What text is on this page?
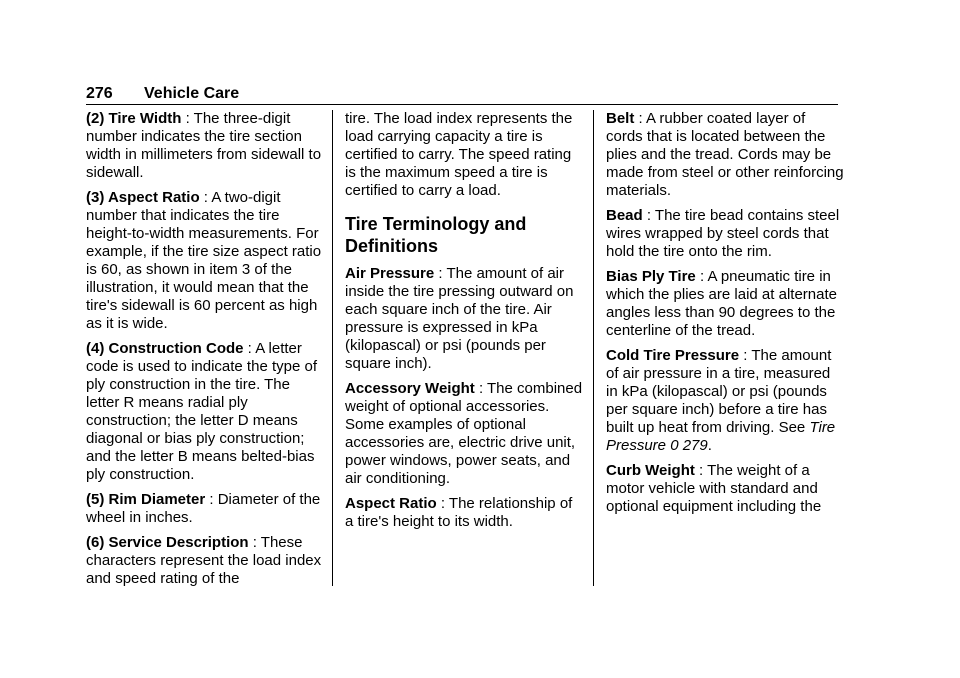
276 Vehicle Care

(2) Tire Width : The three-digit number indicates the tire section width in millimeters from sidewall to sidewall.

(3) Aspect Ratio : A two-digit number that indicates the tire height-to-width measurements. For example, if the tire size aspect ratio is 60, as shown in item 3 of the illustration, it would mean that the tire's sidewall is 60 percent as high as it is wide.

(4) Construction Code : A letter code is used to indicate the type of ply construction in the tire. The letter R means radial ply construction; the letter D means diagonal or bias ply construction; and the letter B means belted-bias ply construction.

(5) Rim Diameter : Diameter of the wheel in inches.

(6) Service Description : These characters represent the load index and speed rating of the

tire. The load index represents the load carrying capacity a tire is certified to carry. The speed rating is the maximum speed a tire is certified to carry a load.

Tire Terminology and Definitions

Air Pressure : The amount of air inside the tire pressing outward on each square inch of the tire. Air pressure is expressed in kPa (kilopascal) or psi (pounds per square inch).

Accessory Weight : The combined weight of optional accessories. Some examples of optional accessories are, electric drive unit, power windows, power seats, and air conditioning.

Aspect Ratio : The relationship of a tire's height to its width.

Belt : A rubber coated layer of cords that is located between the plies and the tread. Cords may be made from steel or other reinforcing materials.

Bead : The tire bead contains steel wires wrapped by steel cords that hold the tire onto the rim.

Bias Ply Tire : A pneumatic tire in which the plies are laid at alternate angles less than 90 degrees to the centerline of the tread.

Cold Tire Pressure : The amount of air pressure in a tire, measured in kPa (kilopascal) or psi (pounds per square inch) before a tire has built up heat from driving. See Tire Pressure 0 279.

Curb Weight : The weight of a motor vehicle with standard and optional equipment including the
